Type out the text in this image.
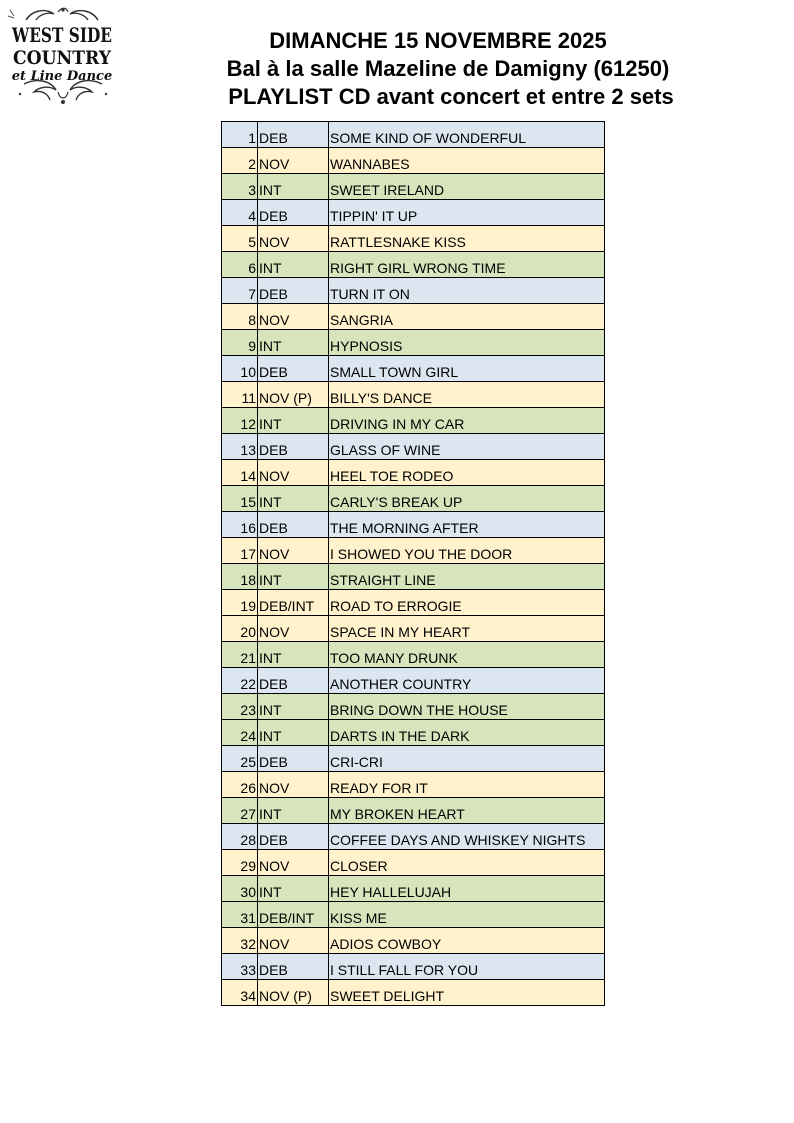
WEST SIDE
COUNTRY
et Line Dance
DIMANCHE 15 NOVEMBRE 2025
Bal à la salle Mazeline de Damigny (61250)
PLAYLIST CD avant concert et entre 2 sets
1	DEB	SOME KIND OF WONDERFUL
2	NOV	WANNABES
3	INT	SWEET IRELAND
4	DEB	TIPPIN' IT UP
5	NOV	RATTLESNAKE KISS
6	INT	RIGHT GIRL WRONG TIME
7	DEB	TURN IT ON
8	NOV	SANGRIA
9	INT	HYPNOSIS
10	DEB	SMALL TOWN GIRL
11	NOV (P)	BILLY'S DANCE
12	INT	DRIVING IN MY CAR
13	DEB	GLASS OF WINE
14	NOV	HEEL TOE RODEO
15	INT	CARLY'S BREAK UP
16	DEB	THE MORNING AFTER
17	NOV	I SHOWED YOU THE DOOR
18	INT	STRAIGHT LINE
19	DEB/INT	ROAD TO ERROGIE
20	NOV	SPACE IN MY HEART
21	INT	TOO MANY DRUNK
22	DEB	ANOTHER COUNTRY
23	INT	BRING DOWN THE HOUSE
24	INT	DARTS IN THE DARK
25	DEB	CRI-CRI
26	NOV	READY FOR IT
27	INT	MY BROKEN HEART
28	DEB	COFFEE DAYS AND WHISKEY NIGHTS
29	NOV	CLOSER
30	INT	HEY HALLELUJAH
31	DEB/INT	KISS ME
32	NOV	ADIOS COWBOY
33	DEB	I STILL FALL FOR YOU
34	NOV (P)	SWEET DELIGHT
